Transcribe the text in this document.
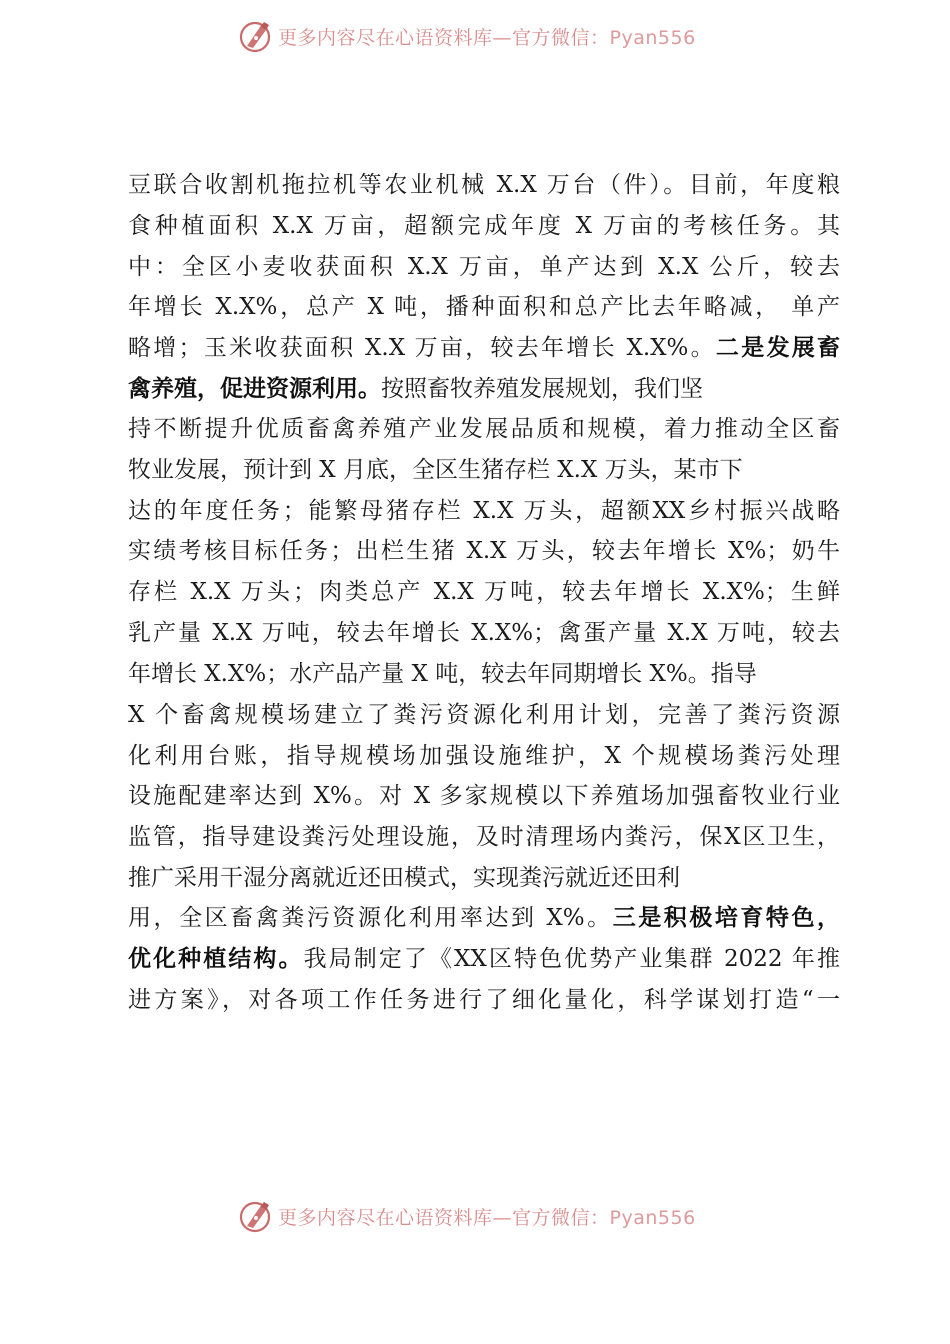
更多内容尽在心语资料库—官方微信：Pyan556
豆联合收割机拖拉机等农业机械 X.X 万台（件）。目前，年度粮
食种植面积 X.X 万亩，超额完成年度 X 万亩的考核任务。其
中：全区小麦收获面积 X.X 万亩，单产达到 X.X 公斤，较去
年增长 X.X%，总产 X 吨，播种面积和总产比去年略减， 单产
略增；玉米收获面积 X.X 万亩，较去年增长 X.X%。二是发展畜
禽养殖，促进资源利用。按照畜牧养殖发展规划，我们坚
持不断提升优质畜禽养殖产业发展品质和规模，着力推动全区畜
牧业发展，预计到 X 月底，全区生猪存栏 X.X 万头，某市下
达的年度任务；能繁母猪存栏 X.X 万头，超额XX乡村振兴战略
实绩考核目标任务；出栏生猪 X.X 万头，较去年增长 X%；奶牛
存栏 X.X 万头；肉类总产 X.X 万吨，较去年增长 X.X%；生鲜
乳产量 X.X 万吨，较去年增长 X.X%；禽蛋产量 X.X 万吨，较去
年增长 X.X%；水产品产量 X 吨，较去年同期增长 X%。指导
X 个畜禽规模场建立了粪污资源化利用计划，完善了粪污资源
化利用台账，指导规模场加强设施维护，X 个规模场粪污处理
设施配建率达到 X%。对 X 多家规模以下养殖场加强畜牧业行业
监管，指导建设粪污处理设施，及时清理场内粪污，保X区卫生，
推广采用干湿分离就近还田模式，实现粪污就近还田利
用，全区畜禽粪污资源化利用率达到 X%。三是积极培育特色，
优化种植结构。我局制定了《XX区特色优势产业集群 2022 年推
进方案》，对各项工作任务进行了细化量化，科学谋划打造“一
更多内容尽在心语资料库—官方微信：Pyan556
